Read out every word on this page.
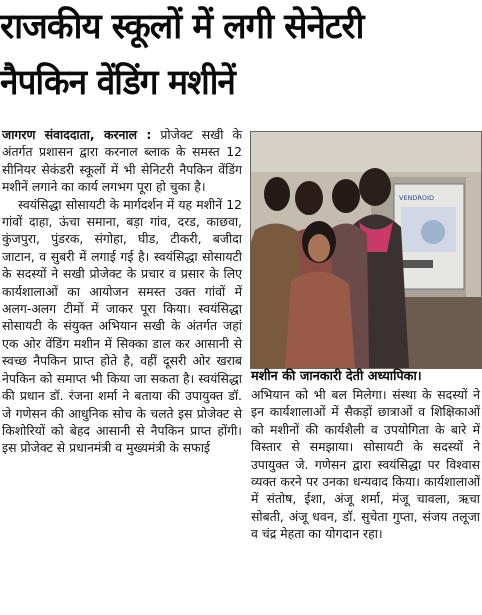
राजकीय स्कूलों में लगी सेनेटरी
नैपकिन वेंडिंग मशीनें

जागरण संवाददाता, करनाल : प्रोजेक्ट सखी के अंतर्गत प्रशासन द्वारा करनाल ब्लाक के समस्त 12 सीनियर सेकंडरी स्कूलों में भी सेनिटरी नैपकिन वेंडिंग मशीनें लगाने का कार्य लगभग पूरा हो चुका है।

स्वयंसिद्धा सोसायटी के मार्गदर्शन में यह मशीनें 12 गांवों दाहा, ऊंचा समाना, बड़ा गांव, दरड, काछवा, कुंजपुरा, पुंडरक, संगोहा, घीड, टीकरी, बजीदा जाटान, व सुबरी में लगाई गई है। स्वयंसिद्धा सोसायटी के सदस्यों ने सखी प्रोजेक्ट के प्रचार व प्रसार के लिए कार्यशालाओं का आयोजन समस्त उक्त गांवों में अलग-अलग टीमों में जाकर पूरा किया। स्वयंसिद्धा सोसायटी के संयुक्त अभियान सखी के अंतर्गत जहां एक ओर वेंडिंग मशीन में सिक्का डाल कर आसानी से स्वच्छ नैपकिन प्राप्त होते है, वहीं दूसरी ओर खराब नेपकिन को समाप्त भी किया जा सकता है। स्वयंसिद्धा की प्रधान डॉ. रंजना शर्मा ने बताया की उपायुक्त डॉ. जे गणेसन की आधुनिक सोच के चलते इस प्रोजेक्ट से किशोरियों को बेहद आसानी से नैपकिन प्राप्त होंगी। इस प्रोजेक्ट से प्रधानमंत्री व मुख्यमंत्री के सफाई

VENDROID
मशीन की जानकारी देती अध्यापिका।

अभियान को भी बल मिलेगा। संस्था के सदस्यों ने इन कार्यशालाओं में सैकड़ों छात्राओं व शिक्षिकाओं को मशीनों की कार्यशैली व उपयोगिता के बारे में विस्तार से समझाया। सोसायटी के सदस्यों ने उपायुक्त जे. गणेसन द्वारा स्वयंसिद्धा पर विश्वास व्यक्त करने पर उनका धन्यवाद किया। कार्यशालाओं में संतोष, ईशा, अंजू शर्मा, मंजू चावला, ऋचा सोबती, अंजू धवन, डॉ. सुचेता गुप्ता, संजय तलूजा व चंद्र मेहता का योगदान रहा।
